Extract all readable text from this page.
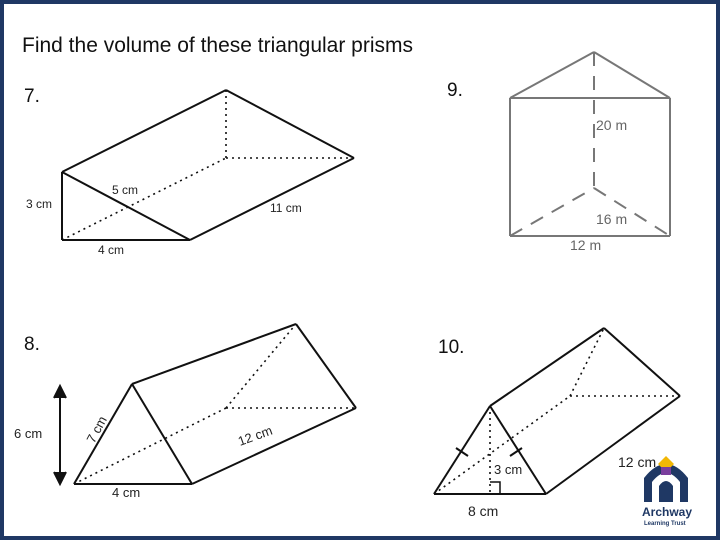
Find the volume of these triangular prisms
7.	9.
8.	10.
3 cm
5 cm
4 cm
11 cm
20 m
16 m
12 m
6 cm	7 cm	12 cm
4 cm
3 cm	12 cm
8 cm	Archway
Learning Trust
